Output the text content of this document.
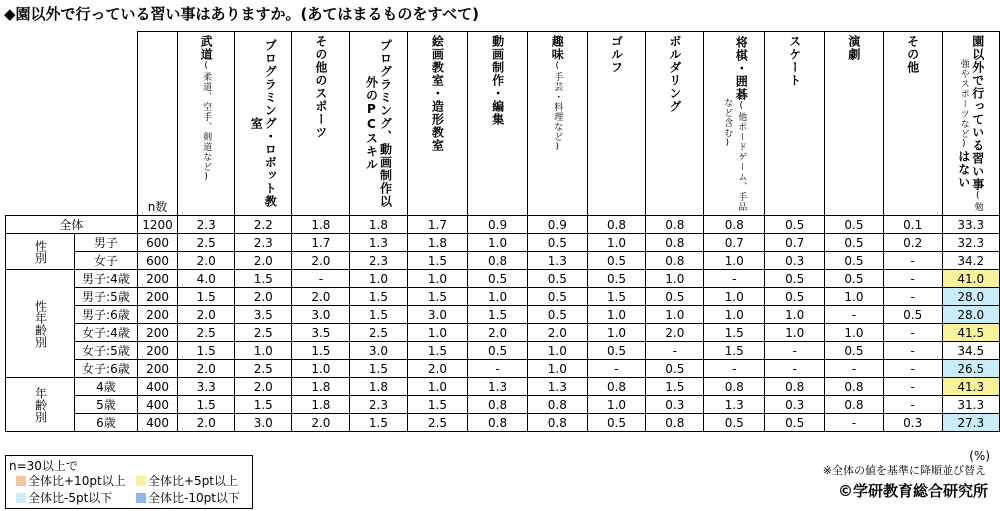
◆園以外で行っている習い事はありますか。(あてはまるものをすべて)
		n数	武道(柔道、空手、剣道など)	プログラミング・ロボット教室	その他のスポーツ	プログラミング、動画制作以外のPCスキル	絵画教室・造形教室	動画制作・編集	趣味(手芸・料理など)	ゴルフ	ボルダリング	将棋・囲碁(他ボードゲーム、手品など含む)	スケート	演劇	その他	園以外で行っている習い事(勉強やスポーツなど)はない
全体		1200	2.3	2.2	1.8	1.8	1.7	0.9	0.9	0.8	0.8	0.8	0.5	0.5	0.1	33.3
性別	男子	600	2.5	2.3	1.7	1.3	1.8	1.0	0.5	1.0	0.8	0.7	0.7	0.5	0.2	32.3
	女子	600	2.0	2.0	2.0	2.3	1.5	0.8	1.3	0.5	0.8	1.0	0.3	0.5	-	34.2
性年齢別	男子:4歳	200	4.0	1.5	-	1.0	1.0	0.5	0.5	0.5	1.0	-	0.5	0.5	-	41.0
	男子:5歳	200	1.5	2.0	2.0	1.5	1.5	1.0	0.5	1.5	0.5	1.0	0.5	1.0	-	28.0
	男子:6歳	200	2.0	3.5	3.0	1.5	3.0	1.5	0.5	1.0	1.0	1.0	1.0	-	0.5	28.0
	女子:4歳	200	2.5	2.5	3.5	2.5	1.0	2.0	2.0	1.0	2.0	1.5	1.0	1.0	-	41.5
	女子:5歳	200	1.5	1.0	1.5	3.0	1.5	0.5	1.0	0.5	-	1.5	-	0.5	-	34.5
	女子:6歳	200	2.0	2.5	1.0	1.5	2.0	-	1.0	-	0.5	-	-	-	-	26.5
年齢別	4歳	400	3.3	2.0	1.8	1.8	1.0	1.3	1.3	0.8	1.5	0.8	0.8	0.8	-	41.3
	5歳	400	1.5	1.5	1.8	2.3	1.5	0.8	0.8	1.0	0.3	1.3	0.3	0.8	-	31.3
	6歳	400	2.0	3.0	2.0	1.5	2.5	0.8	0.8	0.5	0.8	0.5	0.5	-	0.3	27.3
n=30以上で
全体比+10pt以上	全体比+5pt以上
全体比-5pt以下	全体比-10pt以下
(%)
※全体の値を基準に降順並び替え
©学研教育総合研究所
